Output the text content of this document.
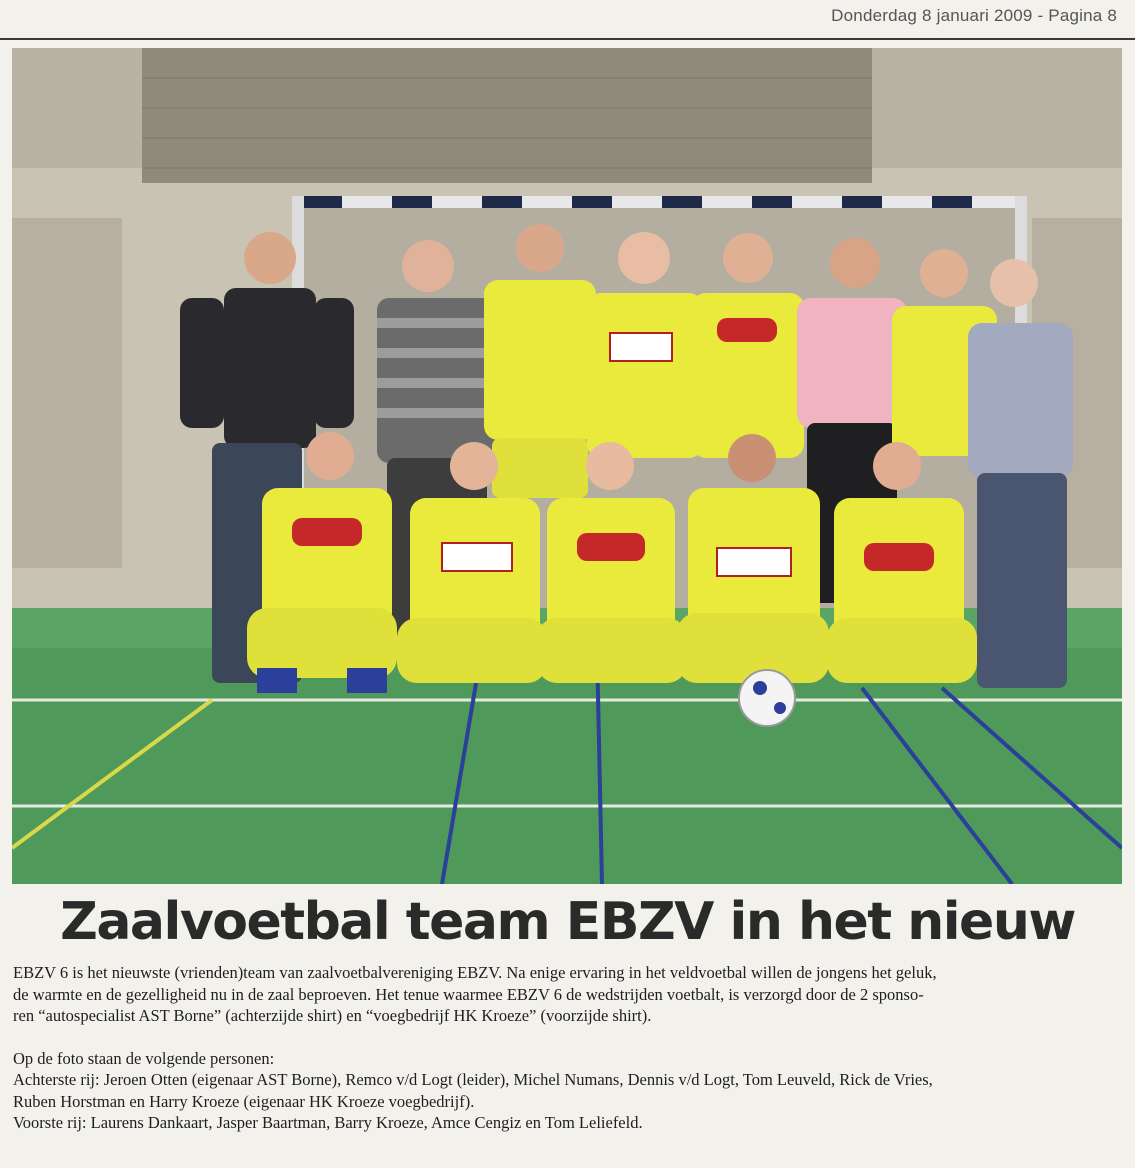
Donderdag 8 januari 2009 - Pagina 8
Zaalvoetbal team EBZV in het nieuw

EBZV 6 is het nieuwste (vrienden)team van zaalvoetbalvereniging EBZV. Na enige ervaring in het veldvoetbal willen de jongens het geluk,

de warmte en de gezelligheid nu in de zaal beproeven. Het tenue waarmee EBZV 6 de wedstrijden voetbalt, is verzorgd door de 2 sponso-

ren “autospecialist AST Borne” (achterzijde shirt) en “voegbedrijf HK Kroeze” (voorzijde shirt).

Op de foto staan de volgende personen:

Achterste rij: Jeroen Otten (eigenaar AST Borne), Remco v/d Logt (leider), Michel Numans, Dennis v/d Logt, Tom Leuveld, Rick de Vries,

Ruben Horstman en Harry Kroeze (eigenaar HK Kroeze voegbedrijf).

Voorste rij: Laurens Dankaart, Jasper Baartman, Barry Kroeze, Amce Cengiz en Tom Leliefeld.
